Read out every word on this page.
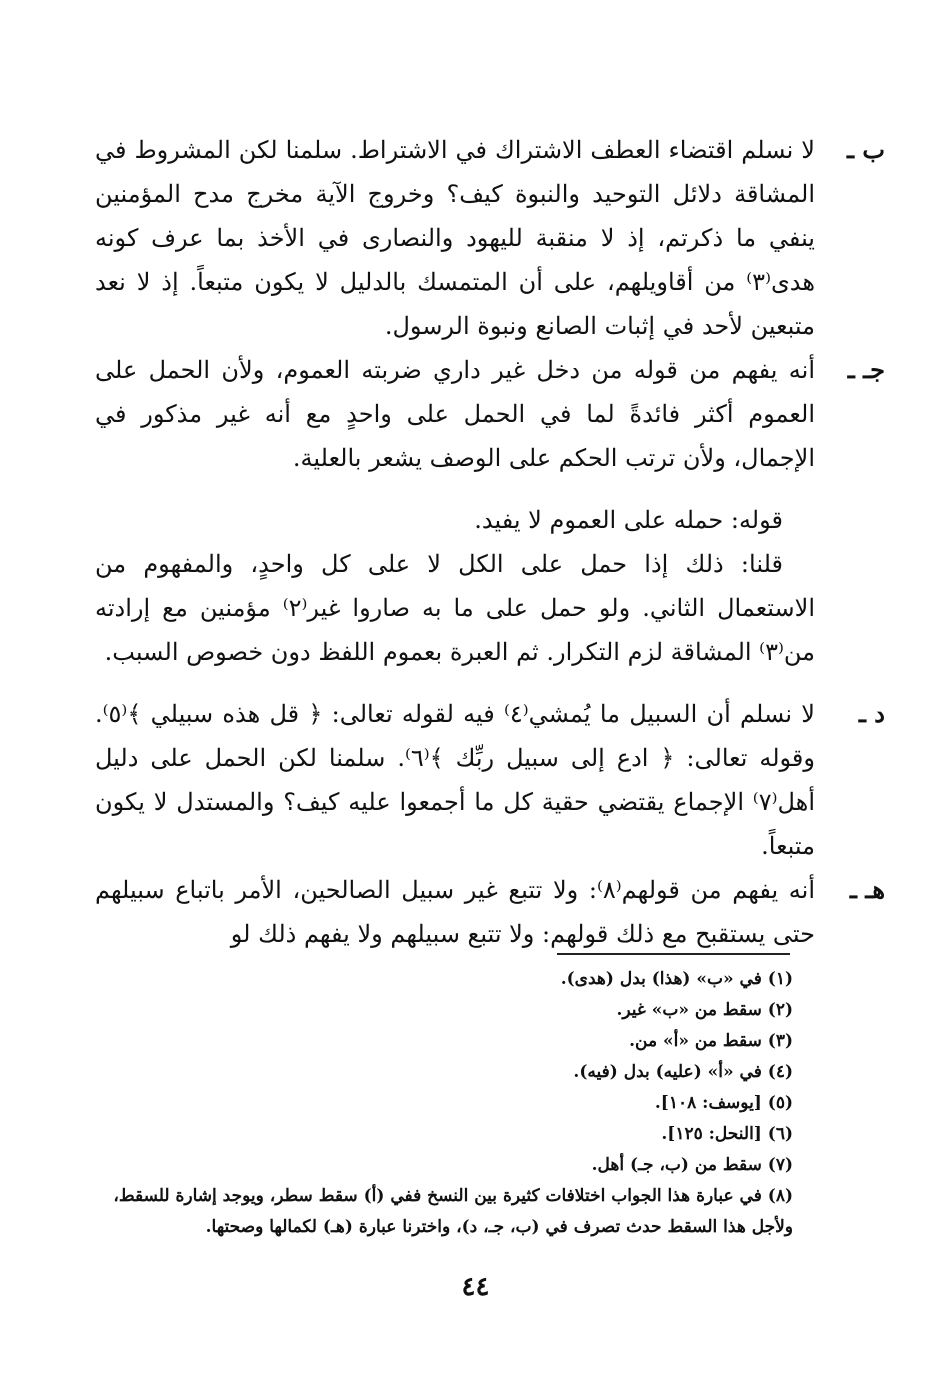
ب ـ
لا نسلم اقتضاء العطف الاشتراك في الاشتراط. سلمنا لكن المشروط في المشاقة دلائل التوحيد والنبوة كيف؟ وخروج الآية مخرج مدح المؤمنين ينفي ما ذكرتم، إذ لا منقبة لليهود والنصارى في الأخذ بما عرف كونه هدى⁽٣⁾ من أقاويلهم، على أن المتمسك بالدليل لا يكون متبعاً. إذ لا نعد متبعين لأحد في إثبات الصانع ونبوة الرسول.
جـ ـ
أنه يفهم من قوله من دخل غير داري ضربته العموم، ولأن الحمل على العموم أكثر فائدةً لما في الحمل على واحدٍ مع أنه غير مذكور في الإجمال، ولأن ترتب الحكم على الوصف يشعر بالعلية.

قوله: حمله على العموم لا يفيد.

قلنا: ذلك إذا حمل على الكل لا على كل واحدٍ، والمفهوم من الاستعمال الثاني. ولو حمل على ما به صاروا غير⁽٢⁾ مؤمنين مع إرادته من⁽٣⁾ المشاقة لزم التكرار. ثم العبرة بعموم اللفظ دون خصوص السبب.

د ـ
لا نسلم أن السبيل ما يُمشي⁽٤⁾ فيه لقوله تعالى: ﴿ قل هذه سبيلي ﴾⁽٥⁾. وقوله تعالى: ﴿ ادع إلى سبيل ربِّك ﴾⁽٦⁾. سلمنا لكن الحمل على دليل أهل⁽٧⁾ الإجماع يقتضي حقية كل ما أجمعوا عليه كيف؟ والمستدل لا يكون متبعاً.
هـ ـ
أنه يفهم من قولهم⁽٨⁾: ولا تتبع غير سبيل الصالحين، الأمر باتباع سبيلهم حتى يستقبح مع ذلك قولهم: ولا تتبع سبيلهم ولا يفهم ذلك لو

(١) في «ب» (هذا) بدل (هدى).

(٢) سقط من «ب» غير.

(٣) سقط من «أ» من.

(٤) في «أ» (عليه) بدل (فيه).

(٥) [يوسف: ١٠٨].

(٦) [النحل: ١٢٥].

(٧) سقط من (ب، جـ) أهل.

(٨) في عبارة هذا الجواب اختلافات كثيرة بين النسخ ففي (أ) سقط سطر، ويوجد إشارة للسقط، ولأجل هذا السقط حدث تصرف في (ب، جـ، د)، واخترنا عبارة (هـ) لكمالها وصحتها.

٤٤
